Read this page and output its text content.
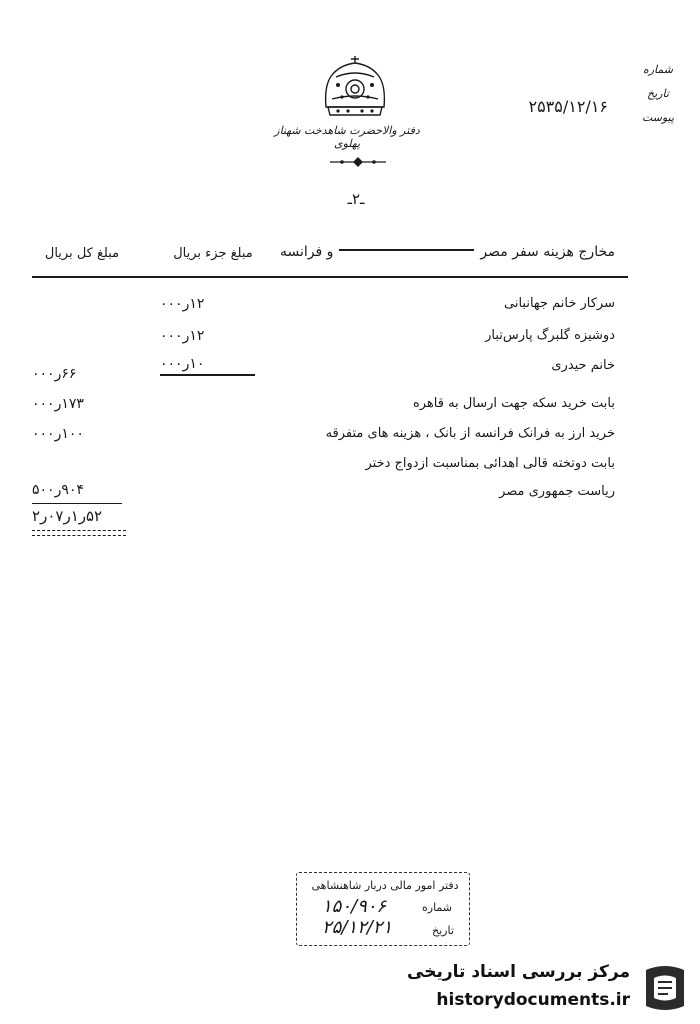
دفتر والاحضرت شاهدخت شهناز پهلوی
۲۵۳۵/۱۲/۱۶
شماره
تاریخ
پیوست
ـ۲ـ
مخارج هزینه سفر مصرو فرانسه
مبلغ جزء بریال
مبلغ کل بریال
سرکار خانم جهانبانی
۱۲ر۰۰۰
دوشیزه گلبرگ پارس‌تبار
۱۲ر۰۰۰
خانم حیدری
۱۰ر۰۰۰
۶۶ر۰۰۰
بابت خرید سکه جهت ارسال به قاهره
۱۷۳ر۰۰۰
خرید ارز به فرانک فرانسه از بانک ، هزینه های متفرقه
۱۰۰ر۰۰۰
بابت دوتخته قالی اهدائی بمناسبت ازدواج دختر
ریاست جمهوری مصر
۹۰۴ر۵۰۰
۵۲ر۱ر۰۷ر۲
دفتر امور مالی دربار شاهنشاهی
شماره
۱۵۰/۹۰۶
تاریخ
۲۵/۱۲/۲۱
مرکز بررسی اسناد تاریخی
historydocuments.ir
